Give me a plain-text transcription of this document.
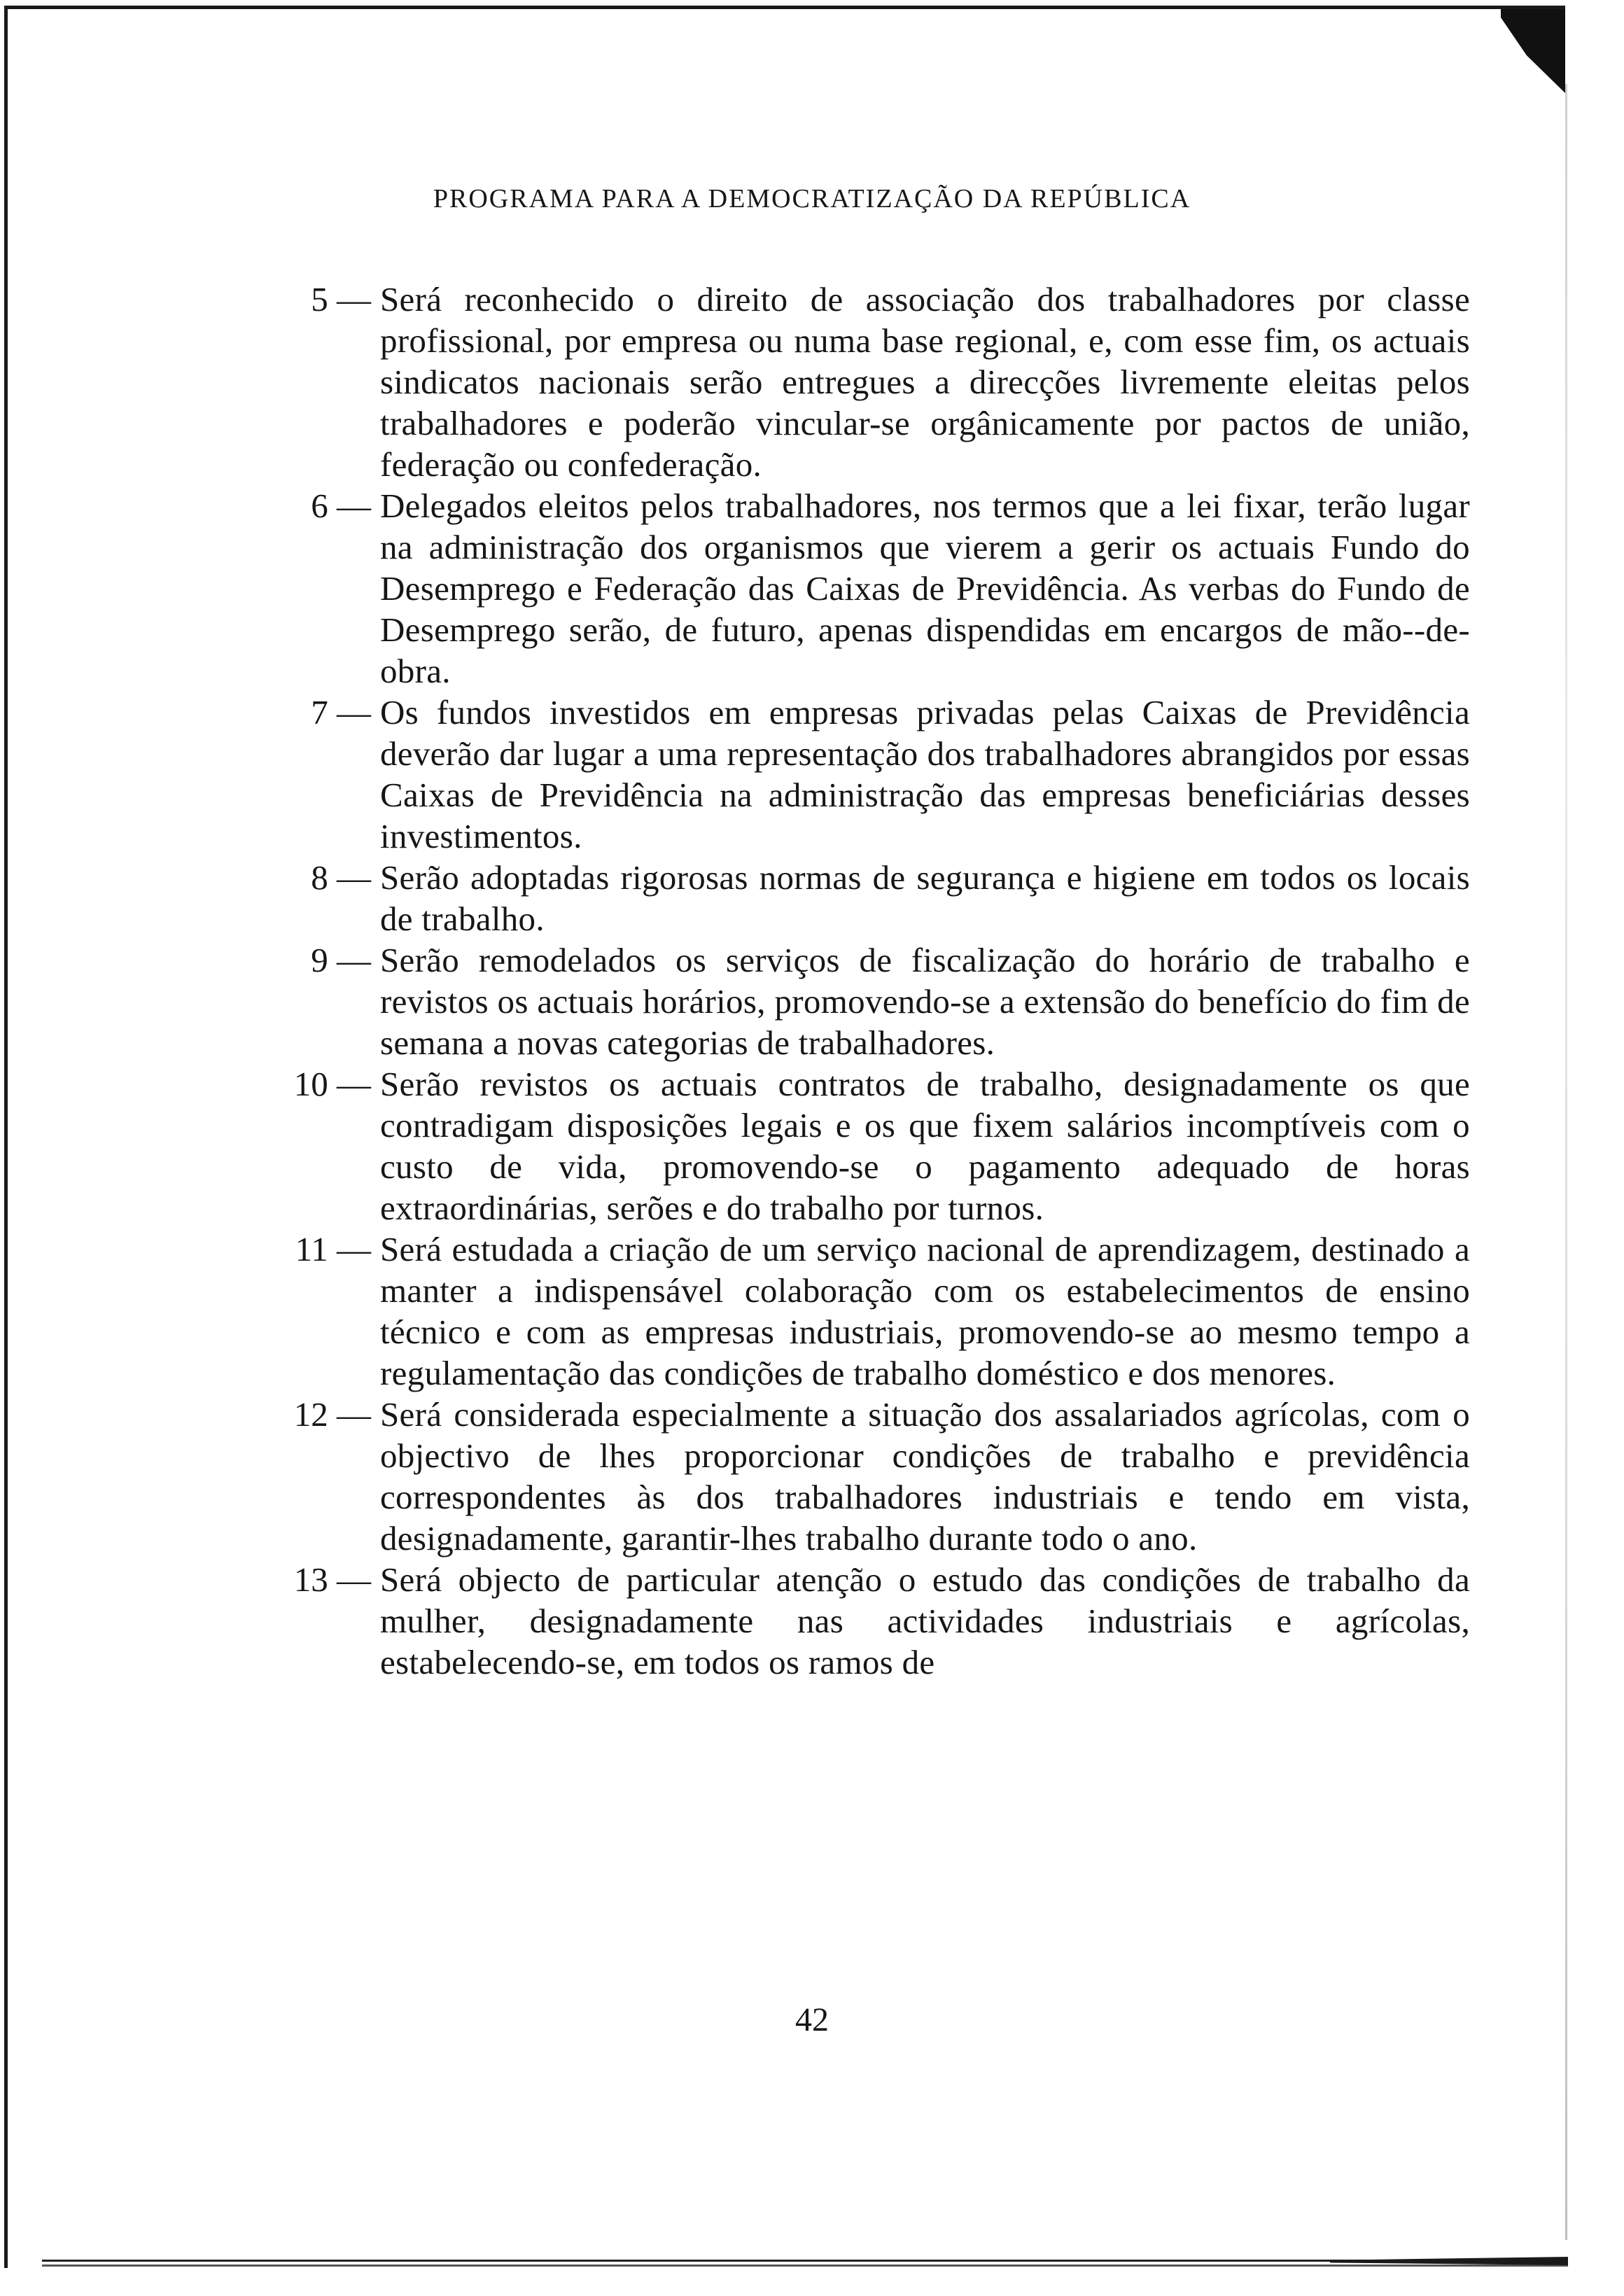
PROGRAMA PARA A DEMOCRATIZAÇÃO DA REPÚBLICA
5 — Será reconhecido o direito de associação dos trabalhadores por classe profissional, por empresa ou numa base regional, e, com esse fim, os actuais sindicatos nacionais serão entregues a direcções livremente eleitas pelos trabalhadores e poderão vincular-se orgânicamente por pactos de união, federação ou confederação.
6 — Delegados eleitos pelos trabalhadores, nos termos que a lei fixar, terão lugar na administração dos organismos que vierem a gerir os actuais Fundo do Desemprego e Federação das Caixas de Previdência. As verbas do Fundo de Desemprego serão, de futuro, apenas dispendidas em encargos de mão--de-obra.
7 — Os fundos investidos em empresas privadas pelas Caixas de Previdência deverão dar lugar a uma representação dos trabalhadores abrangidos por essas Caixas de Previdência na administração das empresas beneficiárias desses investimentos.
8 — Serão adoptadas rigorosas normas de segurança e higiene em todos os locais de trabalho.
9 — Serão remodelados os serviços de fiscalização do horário de trabalho e revistos os actuais horários, promovendo-se a extensão do benefício do fim de semana a novas categorias de trabalhadores.
10 — Serão revistos os actuais contratos de trabalho, designadamente os que contradigam disposições legais e os que fixem salários incomptíveis com o custo de vida, promovendo-se o pagamento adequado de horas extraordinárias, serões e do trabalho por turnos.
11 — Será estudada a criação de um serviço nacional de aprendizagem, destinado a manter a indispensável colaboração com os estabelecimentos de ensino técnico e com as empresas industriais, promovendo-se ao mesmo tempo a regulamentação das condições de trabalho doméstico e dos menores.
12 — Será considerada especialmente a situação dos assalariados agrícolas, com o objectivo de lhes proporcionar condições de trabalho e previdência correspondentes às dos trabalhadores industriais e tendo em vista, designadamente, garantir-lhes trabalho durante todo o ano.
13 — Será objecto de particular atenção o estudo das condições de trabalho da mulher, designadamente nas actividades industriais e agrícolas, estabelecendo-se, em todos os ramos de
42
